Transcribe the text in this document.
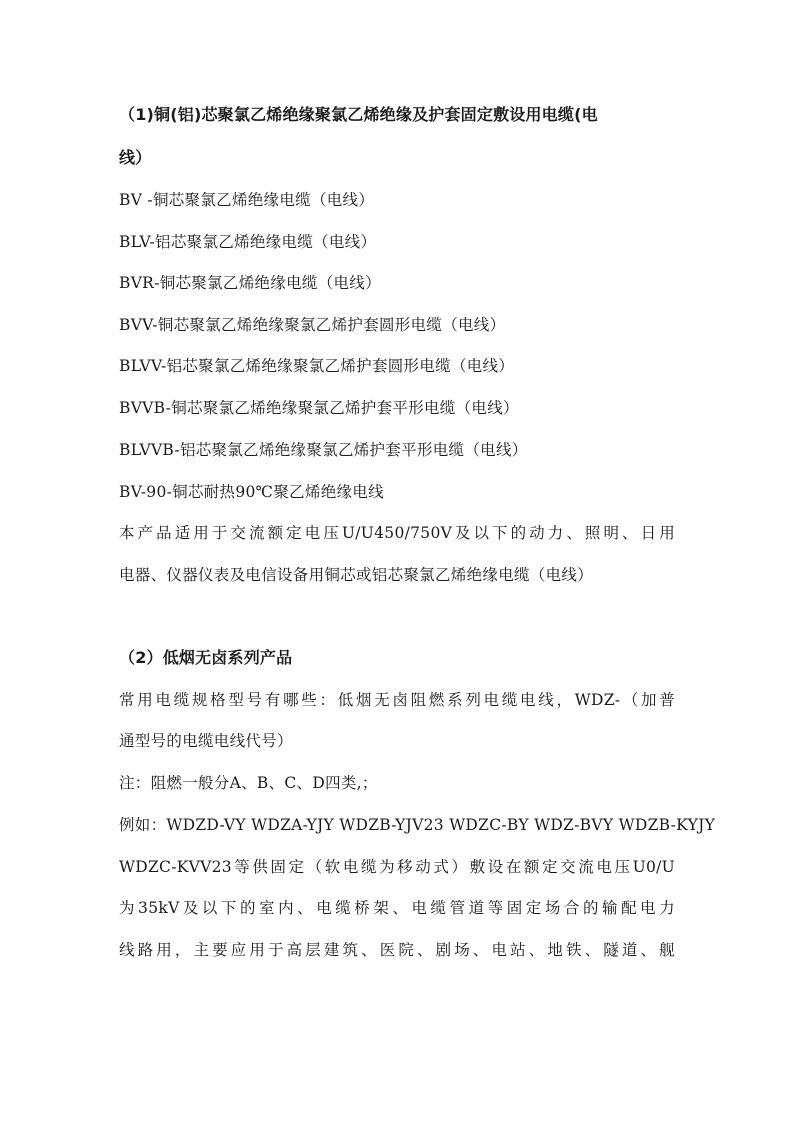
（1)铜(铝)芯聚氯乙烯绝缘聚氯乙烯绝缘及护套固定敷设用电缆(电
线）
BV -铜芯聚氯乙烯绝缘电缆（电线）
BLV-铝芯聚氯乙烯绝缘电缆（电线）
BVR-铜芯聚氯乙烯绝缘电缆（电线）
BVV-铜芯聚氯乙烯绝缘聚氯乙烯护套圆形电缆（电线）
BLVV-铝芯聚氯乙烯绝缘聚氯乙烯护套圆形电缆（电线）
BVVB-铜芯聚氯乙烯绝缘聚氯乙烯护套平形电缆（电线）
BLVVB-铝芯聚氯乙烯绝缘聚氯乙烯护套平形电缆（电线）
BV-90-铜芯耐热90℃聚乙烯绝缘电线
本产品适用于交流额定电压U/U450/750V及以下的动力、照明、日用
电器、仪器仪表及电信设备用铜芯或铝芯聚氯乙烯绝缘电缆（电线）
（2）低烟无卤系列产品
常用电缆规格型号有哪些：低烟无卤阻燃系列电缆电线，WDZ-（加普
通型号的电缆电线代号）
注：阻燃一般分A、B、C、D四类,；
例如：WDZD-VY WDZA-YJY WDZB-YJV23 WDZC-BY WDZ-BVY WDZB-KYJY
WDZC-KVV23等供固定（软电缆为移动式）敷设在额定交流电压U0/U
为35kV及以下的室内、电缆桥架、电缆管道等固定场合的输配电力
线路用，主要应用于高层建筑、医院、剧场、电站、地铁、隧道、舰
